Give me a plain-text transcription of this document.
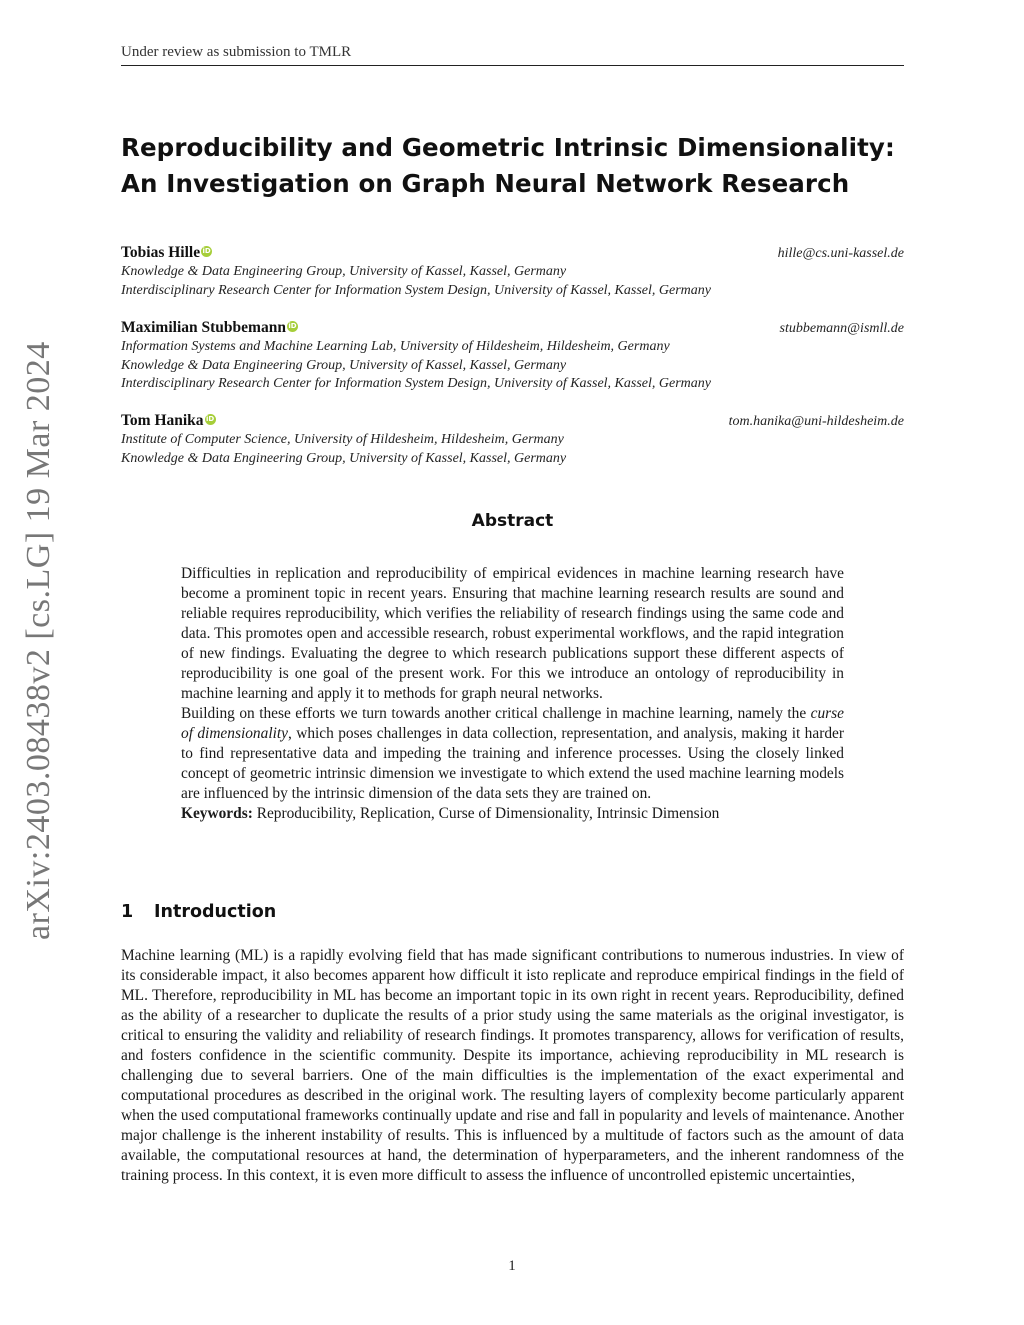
Under review as submission to TMLR
Reproducibility and Geometric Intrinsic Dimensionality:
An Investigation on Graph Neural Network Research
Tobias Hille iD	hille@cs.uni-kassel.de
Knowledge & Data Engineering Group, University of Kassel, Kassel, Germany
Interdisciplinary Research Center for Information System Design, University of Kassel, Kassel, Germany
Maximilian Stubbemann iD	stubbemann@ismll.de
Information Systems and Machine Learning Lab, University of Hildesheim, Hildesheim, Germany
Knowledge & Data Engineering Group, University of Kassel, Kassel, Germany
Interdisciplinary Research Center for Information System Design, University of Kassel, Kassel, Germany
Tom Hanika iD	tom.hanika@uni-hildesheim.de
Institute of Computer Science, University of Hildesheim, Hildesheim, Germany
Knowledge & Data Engineering Group, University of Kassel, Kassel, Germany
arXiv:2403.08438v2 [cs.LG] 19 Mar 2024	Abstract

Difficulties in replication and reproducibility of empirical evidences in machine learning research have become a prominent topic in recent years. Ensuring that machine learning research results are sound and reliable requires reproducibility, which verifies the reliability of research findings using the same code and data. This promotes open and accessible research, robust experimental workflows, and the rapid integration of new findings. Evaluating the degree to which research publications support these different aspects of reproducibility is one goal of the present work. For this we introduce an ontology of reproducibility in machine learning and apply it to methods for graph neural networks.

Building on these efforts we turn towards another critical challenge in machine learning, namely the curse of dimensionality, which poses challenges in data collection, representation, and analysis, making it harder to find representative data and impeding the training and inference processes. Using the closely linked concept of geometric intrinsic dimension we investigate to which extend the used machine learning models are influenced by the intrinsic dimension of the data sets they are trained on.

Keywords: Reproducibility, Replication, Curse of Dimensionality, Intrinsic Dimension

1 Introduction

Machine learning (ML) is a rapidly evolving field that has made significant contributions to numerous industries. In view of its considerable impact, it also becomes apparent how difficult it isto replicate and reproduce empirical findings in the field of ML. Therefore, reproducibility in ML has become an important topic in its own right in recent years. Reproducibility, defined as the ability of a researcher to duplicate the results of a prior study using the same materials as the original investigator, is critical to ensuring the validity and reliability of research findings. It promotes transparency, allows for verification of results, and fosters confidence in the scientific community. Despite its importance, achieving reproducibility in ML research is challenging due to several barriers. One of the main difficulties is the implementation of the exact experimental and computational procedures as described in the original work. The resulting layers of complexity become particularly apparent when the used computational frameworks continually update and rise and fall in popularity and levels of maintenance. Another major challenge is the inherent instability of results. This is influenced by a multitude of factors such as the amount of data available, the computational resources at hand, the determination of hyperparameters, and the inherent randomness of the training process. In this context, it is even more difficult to assess the influence of uncontrolled epistemic uncertainties,

1
